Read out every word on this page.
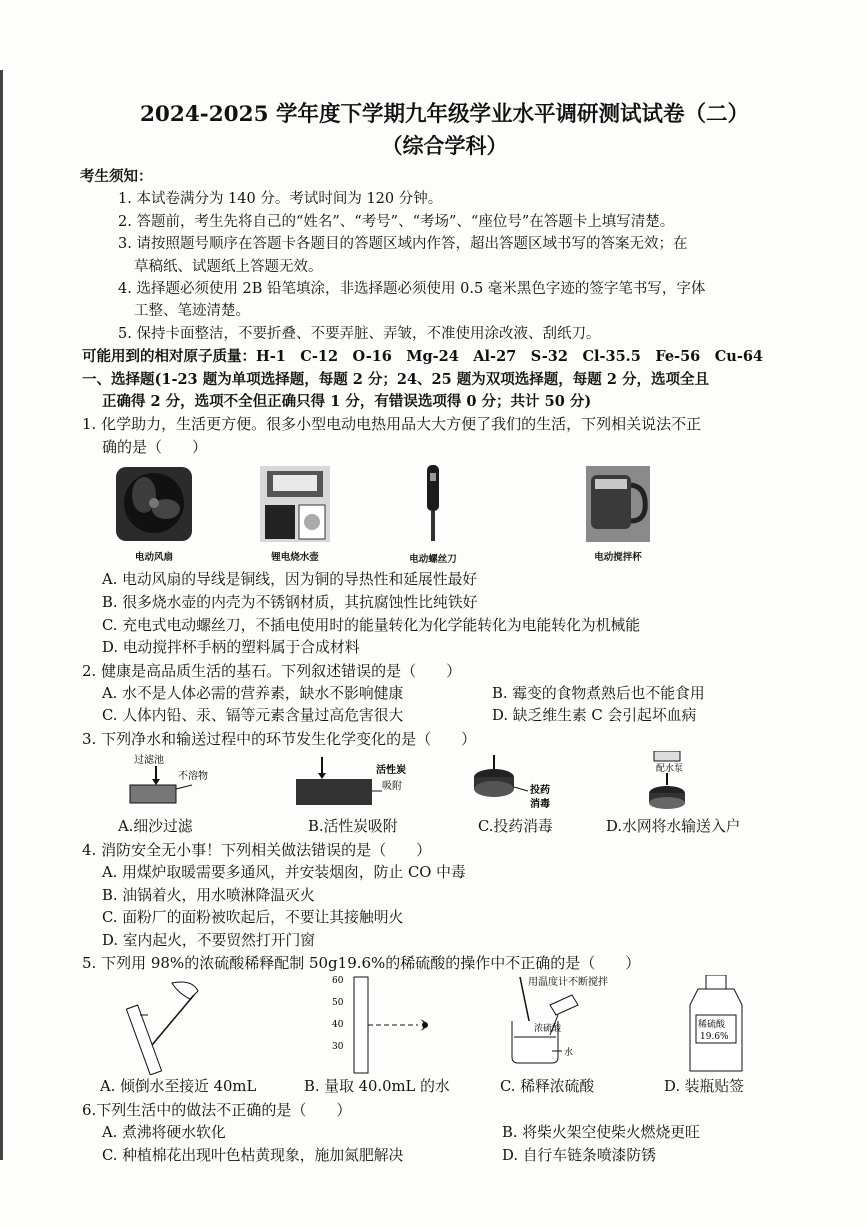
2024-2025 学年度下学期九年级学业水平调研测试试卷（二）
（综合学科）
考生须知：
1. 本试卷满分为 140 分。考试时间为 120 分钟。
2. 答题前，考生先将自己的“姓名”、“考号”、“考场”、“座位号”在答题卡上填写清楚。
3. 请按照题号顺序在答题卡各题目的答题区域内作答，超出答题区域书写的答案无效；在
草稿纸、试题纸上答题无效。
4. 选择题必须使用 2B 铅笔填涂，非选择题必须使用 0.5 毫米黑色字迹的签字笔书写，字体
工整、笔迹清楚。
5. 保持卡面整洁，不要折叠、不要弄脏、弄皱，不准使用涂改液、刮纸刀。
可能用到的相对原子质量：H-1　C-12　O-16　Mg-24　Al-27　S-32　Cl-35.5　Fe-56　Cu-64
一、选择题(1-23 题为单项选择题，每题 2 分；24、25 题为双项选择题，每题 2 分，选项全且
正确得 2 分，选项不全但正确只得 1 分，有错误选项得 0 分；共计 50 分)
1. 化学助力，生活更方便。很多小型电动电热用品大大方便了我们的生活，下列相关说法不正
确的是（　　）
电动风扇	锂电烧水壶	电动螺丝刀	电动搅拌杯
A. 电动风扇的导线是铜线，因为铜的导热性和延展性最好
B. 很多烧水壶的内壳为不锈钢材质，其抗腐蚀性比纯铁好
C. 充电式电动螺丝刀，不插电使用时的能量转化为化学能转化为电能转化为机械能
D. 电动搅拌杯手柄的塑料属于合成材料
2. 健康是高品质生活的基石。下列叙述错误的是（　　）
A. 水不是人体必需的营养素，缺水不影响健康	B. 霉变的食物煮熟后也不能食用
C. 人体内铅、汞、镉等元素含量过高危害很大	D. 缺乏维生素 C 会引起坏血病
3. 下列净水和输送过程中的环节发生化学变化的是（　　）
过滤池
不溶物
活性炭
吸附	投药
消毒
配水泵
A.细沙过滤	B.活性炭吸附	C.投药消毒	D.水网将水输送入户
4. 消防安全无小事！下列相关做法错误的是（　　）
A. 用煤炉取暖需要多通风，并安装烟囱，防止 CO 中毒
B. 油锅着火，用水喷淋降温灭火
C. 面粉厂的面粉被吹起后，不要让其接触明火
D. 室内起火，不要贸然打开门窗
5. 下列用 98%的浓硫酸稀释配制 50g19.6%的稀硫酸的操作中不正确的是（　　）
60
50
40
30
用温度计不断搅拌
浓硫酸
水
稀硫酸
19.6%
A. 倾倒水至接近 40mL	B. 量取 40.0mL 的水	C. 稀释浓硫酸	D. 装瓶贴签
6.下列生活中的做法不正确的是（　　）
A. 煮沸将硬水软化	B. 将柴火架空使柴火燃烧更旺
C. 种植棉花出现叶色枯黄现象，施加氮肥解决	D. 自行车链条喷漆防锈
